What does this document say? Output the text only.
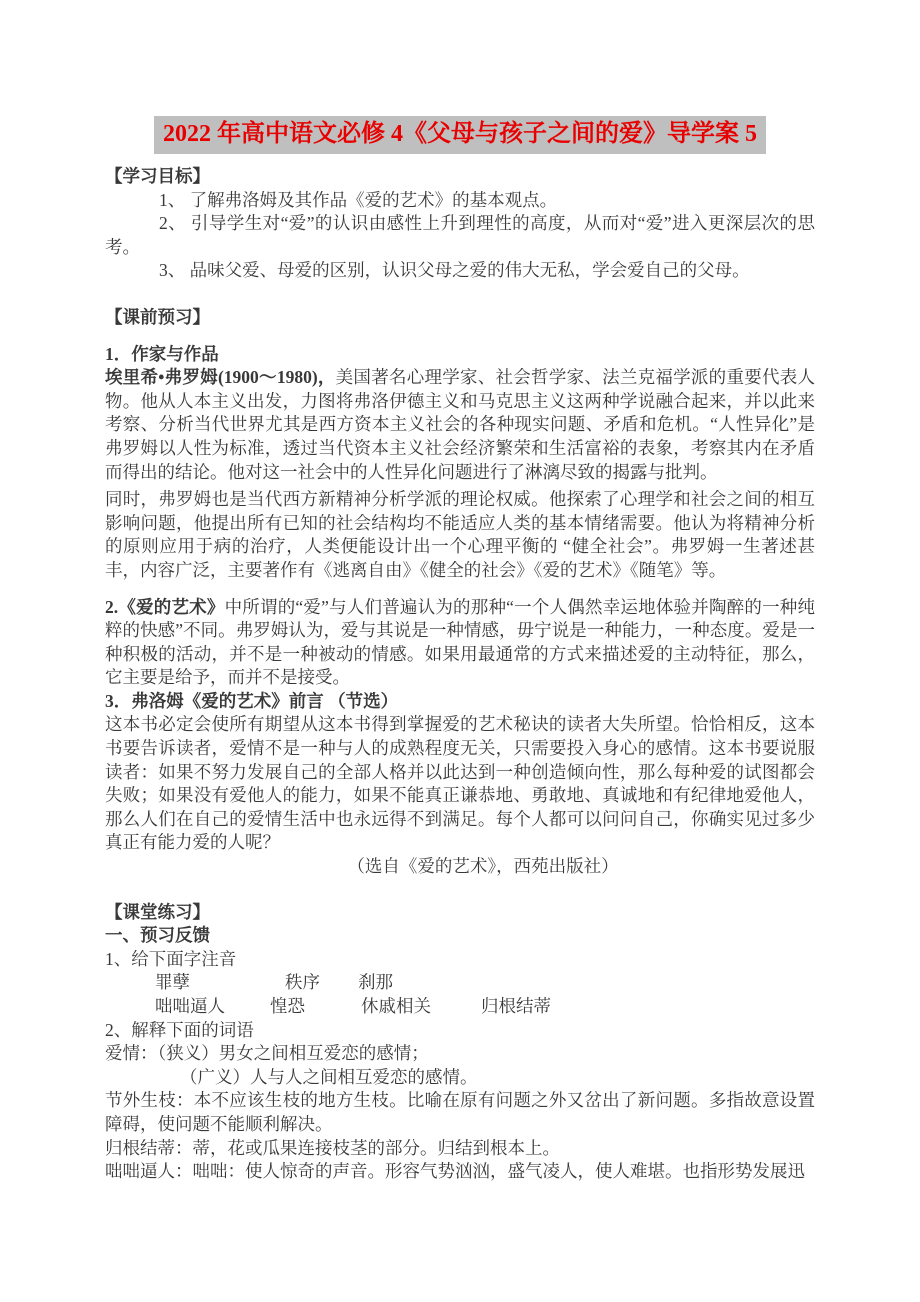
2022 年高中语文必修 4《父母与孩子之间的爱》导学案 5

【学习目标】

1、 了解弗洛姆及其作品《爱的艺术》的基本观点。

2、 引导学生对“爱”的认识由感性上升到理性的高度，从而对“爱”进入更深层次的思考。

3、 品味父爱、母爱的区别，认识父母之爱的伟大无私，学会爱自己的父母。

【课前预习】

1．作家与作品

埃里希•弗罗姆(1900～1980)，美国著名心理学家、社会哲学家、法兰克福学派的重要代表人物。他从人本主义出发，力图将弗洛伊德主义和马克思主义这两种学说融合起来，并以此来考察、分析当代世界尤其是西方资本主义社会的各种现实问题、矛盾和危机。“人性异化”是弗罗姆以人性为标准，透过当代资本主义社会经济繁荣和生活富裕的表象，考察其内在矛盾而得出的结论。他对这一社会中的人性异化问题进行了淋漓尽致的揭露与批判。

同时，弗罗姆也是当代西方新精神分析学派的理论权威。他探索了心理学和社会之间的相互影响问题，他提出所有已知的社会结构均不能适应人类的基本情绪需要。他认为将精神分析的原则应用于病的治疗，人类便能设计出一个心理平衡的 “健全社会”。弗罗姆一生著述甚丰，内容广泛，主要著作有《逃离自由》《健全的社会》《爱的艺术》《随笔》等。

2.《爱的艺术》中所谓的“爱”与人们普遍认为的那种“一个人偶然幸运地体验并陶醉的一种纯粹的快感”不同。弗罗姆认为，爱与其说是一种情感，毋宁说是一种能力，一种态度。爱是一种积极的活动，并不是一种被动的情感。如果用最通常的方式来描述爱的主动特征，那么，它主要是给予，而并不是接受。

3．弗洛姆《爱的艺术》前言 （节选）

这本书必定会使所有期望从这本书得到掌握爱的艺术秘诀的读者大失所望。恰恰相反，这本书要告诉读者，爱情不是一种与人的成熟程度无关，只需要投入身心的感情。这本书要说服读者：如果不努力发展自己的全部人格并以此达到一种创造倾向性，那么每种爱的试图都会失败；如果没有爱他人的能力，如果不能真正谦恭地、勇敢地、真诚地和有纪律地爱他人，那么人们在自己的爱情生活中也永远得不到满足。每个人都可以问问自己，你确实见过多少真正有能力爱的人呢？

（选自《爱的艺术》，西苑出版社）

【课堂练习】

一、预习反馈

1、给下面字注音

罪孽	秩序 刹那
咄咄逼人	惶恐	休戚相关	归根结蒂

2、解释下面的词语

爱情：（狭义）男女之间相互爱恋的感情；

（广义）人与人之间相互爱恋的感情。

节外生枝：本不应该生枝的地方生枝。比喻在原有问题之外又岔出了新问题。多指故意设置障碍，使问题不能顺利解决。

归根结蒂：蒂，花或瓜果连接枝茎的部分。归结到根本上。

咄咄逼人：咄咄：使人惊奇的声音。形容气势汹汹，盛气凌人，使人难堪。也指形势发展迅
